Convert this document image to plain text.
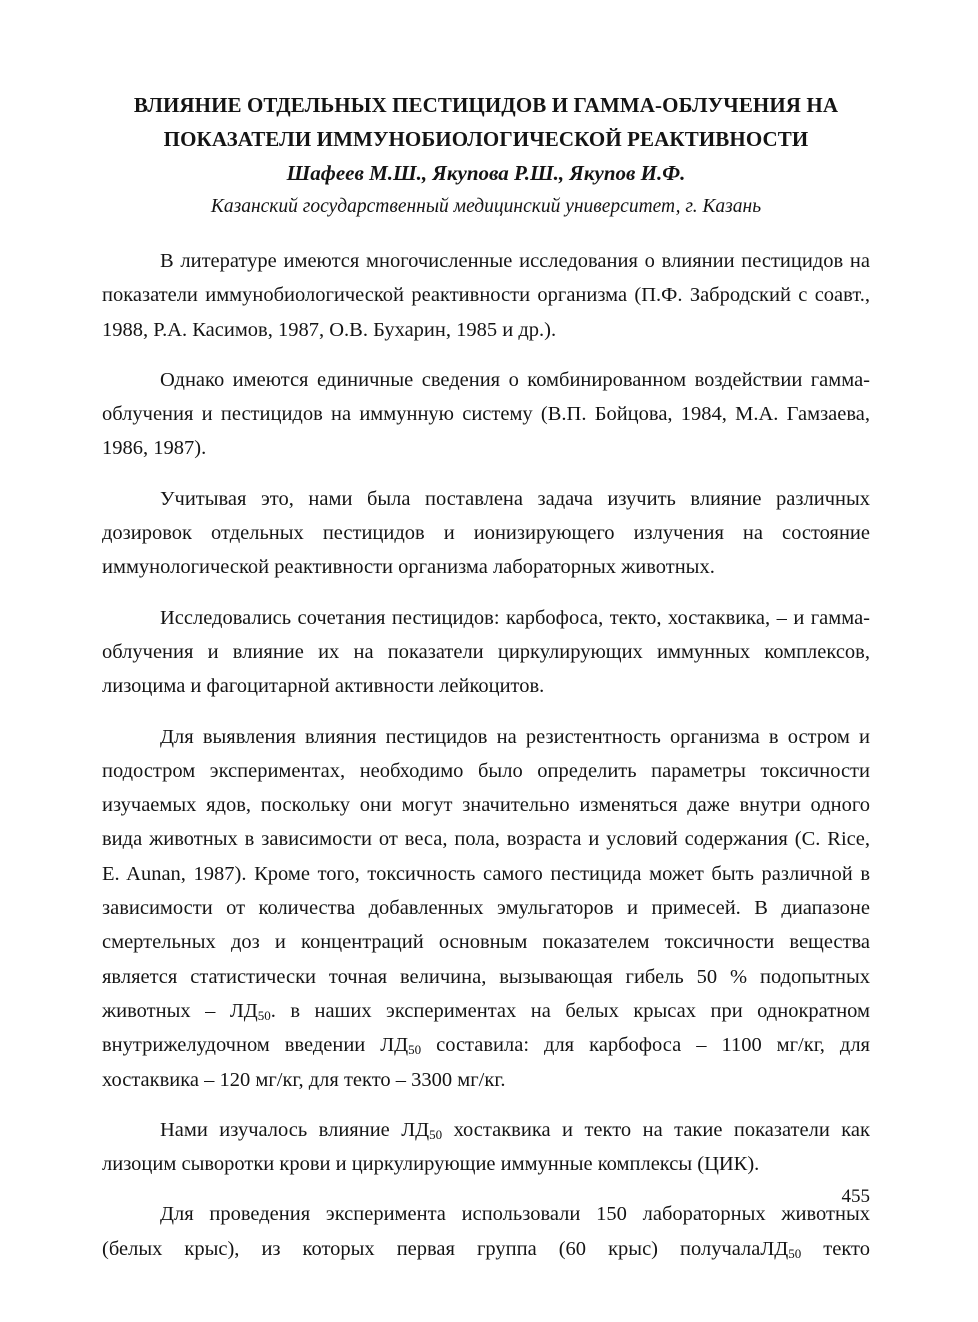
ВЛИЯНИЕ ОТДЕЛЬНЫХ ПЕСТИЦИДОВ И ГАММА-ОБЛУЧЕНИЯ НА
ПОКАЗАТЕЛИ ИММУНОБИОЛОГИЧЕСКОЙ РЕАКТИВНОСТИ

Шафеев М.Ш., Якупова Р.Ш., Якупов И.Ф.

Казанский государственный медицинский университет, г. Казань

В литературе имеются многочисленные исследования о влиянии пестицидов на показатели иммунобиологической реактивности организма (П.Ф. Забродский с соавт., 1988, Р.А. Касимов, 1987, О.В. Бухарин, 1985 и др.).

Однако имеются единичные сведения о комбинированном воздействии гамма-облучения и пестицидов на иммунную систему (В.П. Бойцова, 1984, М.А. Гамзаева, 1986, 1987).

Учитывая это, нами была поставлена задача изучить влияние различных дозировок отдельных пестицидов и ионизирующего излучения на состояние иммунологической реактивности организма лабораторных животных.

Исследовались сочетания пестицидов: карбофоса, текто, хостаквика, – и гамма-облучения и влияние их на показатели циркулирующих иммунных комплексов, лизоцима и фагоцитарной активности лейкоцитов.

Для выявления влияния пестицидов на резистентность организма в остром и подостром экспериментах, необходимо было определить параметры токсичности изучаемых ядов, поскольку они могут значительно изменяться даже внутри одного вида животных в зависимости от веса, пола, возраста и условий содержания (C. Rice, E. Aunan, 1987). Кроме того, токсичность самого пестицида может быть различной в зависимости от количества добавленных эмульгаторов и примесей. В диапазоне смертельных доз и концентраций основным показателем токсичности вещества является статистически точная величина, вызывающая гибель 50 % подопытных животных – $ЛД_{50}$. в наших экспериментах на белых крысах при однократном внутрижелудочном введении $ЛД_{50}$ составила: для карбофоса – 1100 мг/кг, для хостаквика – 120 мг/кг, для текто – 3300 мг/кг.

Нами изучалось влияние $ЛД_{50}$ хостаквика и текто на такие показатели как лизоцим сыворотки крови и циркулирующие иммунные комплексы (ЦИК).

Для проведения эксперимента использовали 150 лабораторных животных (белых крыс), из которых первая группа (60 крыс) получалаЛД$_{50}$ текто

455
